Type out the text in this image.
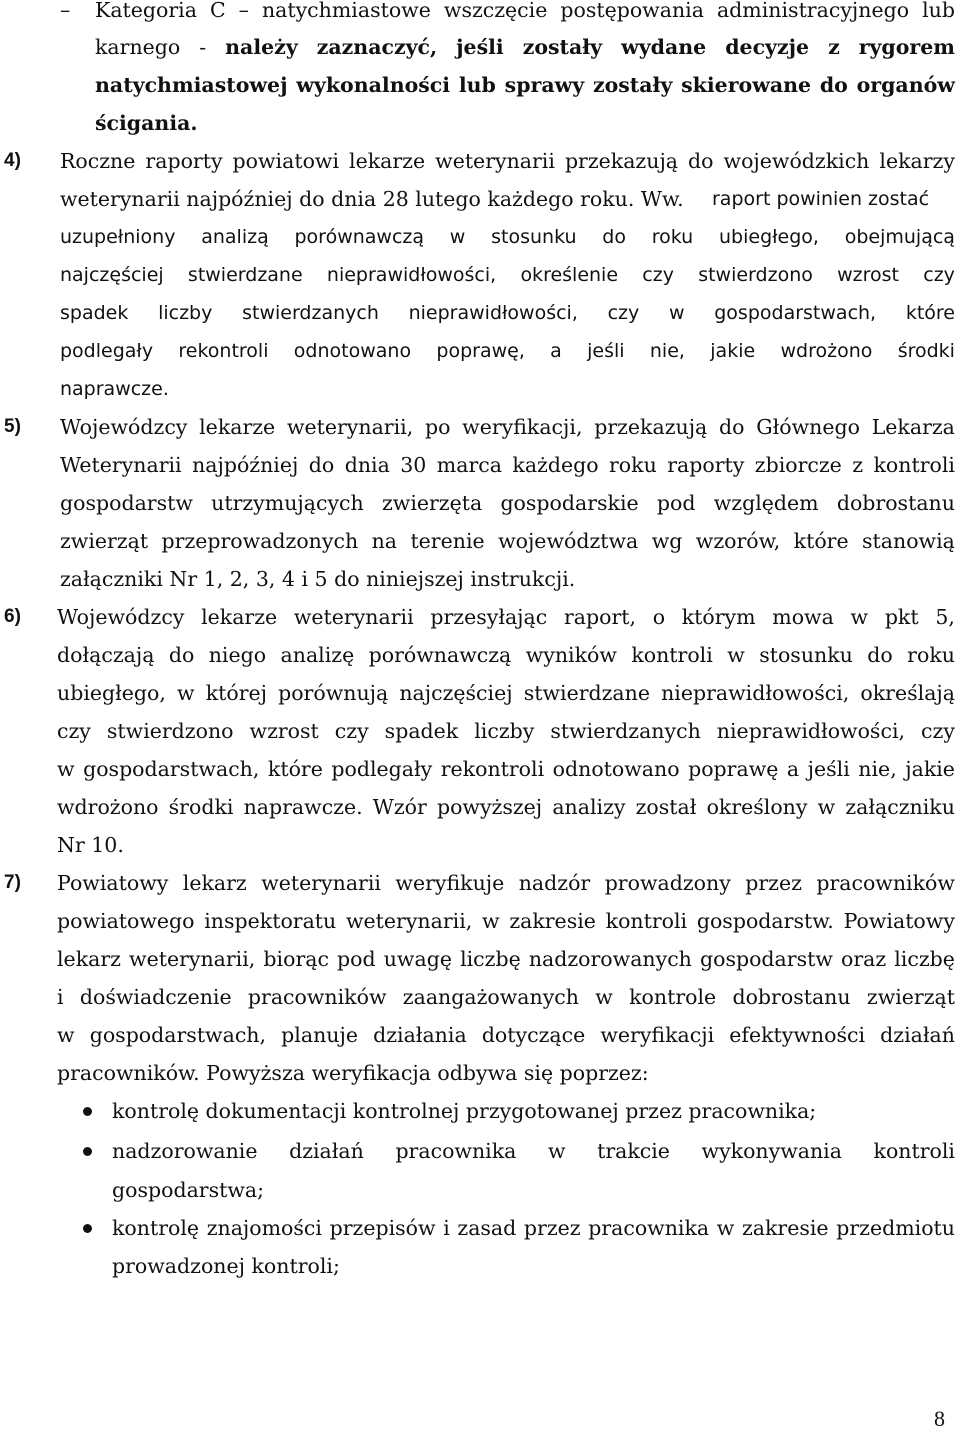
– Kategoria C – natychmiastowe wszczęcie postępowania administracyjnego lub
karnego - należy zaznaczyć, jeśli zostały wydane decyzje z rygorem
natychmiastowej wykonalności lub sprawy zostały skierowane do organów
ścigania.
4) Roczne raporty powiatowi lekarze weterynarii przekazują do wojewódzkich lekarzy
weterynarii najpóźniej do dnia 28 lutego każdego roku. Ww. raport powinien zostać
uzupełniony analizą porównawczą w stosunku do roku ubiegłego, obejmującą
najczęściej stwierdzane nieprawidłowości, określenie czy stwierdzono wzrost czy
spadek liczby stwierdzanych nieprawidłowości, czy w gospodarstwach, które
podlegały rekontroli odnotowano poprawę, a jeśli nie, jakie wdrożono środki
naprawcze.
5) Wojewódzcy lekarze weterynarii, po weryfikacji, przekazują do Głównego Lekarza
Weterynarii najpóźniej do dnia 30 marca każdego roku raporty zbiorcze z kontroli
gospodarstw utrzymujących zwierzęta gospodarskie pod względem dobrostanu
zwierząt przeprowadzonych na terenie województwa wg wzorów, które stanowią
załączniki Nr 1, 2, 3, 4 i 5 do niniejszej instrukcji.
6) Wojewódzcy lekarze weterynarii przesyłając raport, o którym mowa w pkt 5,
dołączają do niego analizę porównawczą wyników kontroli w stosunku do roku
ubiegłego, w której porównują najczęściej stwierdzane nieprawidłowości, określają
czy stwierdzono wzrost czy spadek liczby stwierdzanych nieprawidłowości, czy
w gospodarstwach, które podlegały rekontroli odnotowano poprawę a jeśli nie, jakie
wdrożono środki naprawcze. Wzór powyższej analizy został określony w załączniku
Nr 10.
7) Powiatowy lekarz weterynarii weryfikuje nadzór prowadzony przez pracowników
powiatowego inspektoratu weterynarii, w zakresie kontroli gospodarstw. Powiatowy
lekarz weterynarii, biorąc pod uwagę liczbę nadzorowanych gospodarstw oraz liczbę
i doświadczenie pracowników zaangażowanych w kontrole dobrostanu zwierząt
w gospodarstwach, planuje działania dotyczące weryfikacji efektywności działań
pracowników. Powyższa weryfikacja odbywa się poprzez:
kontrolę dokumentacji kontrolnej przygotowanej przez pracownika;
nadzorowanie działań pracownika w trakcie wykonywania kontroli
gospodarstwa;
kontrolę znajomości przepisów i zasad przez pracownika w zakresie przedmiotu
prowadzonej kontroli;
8
